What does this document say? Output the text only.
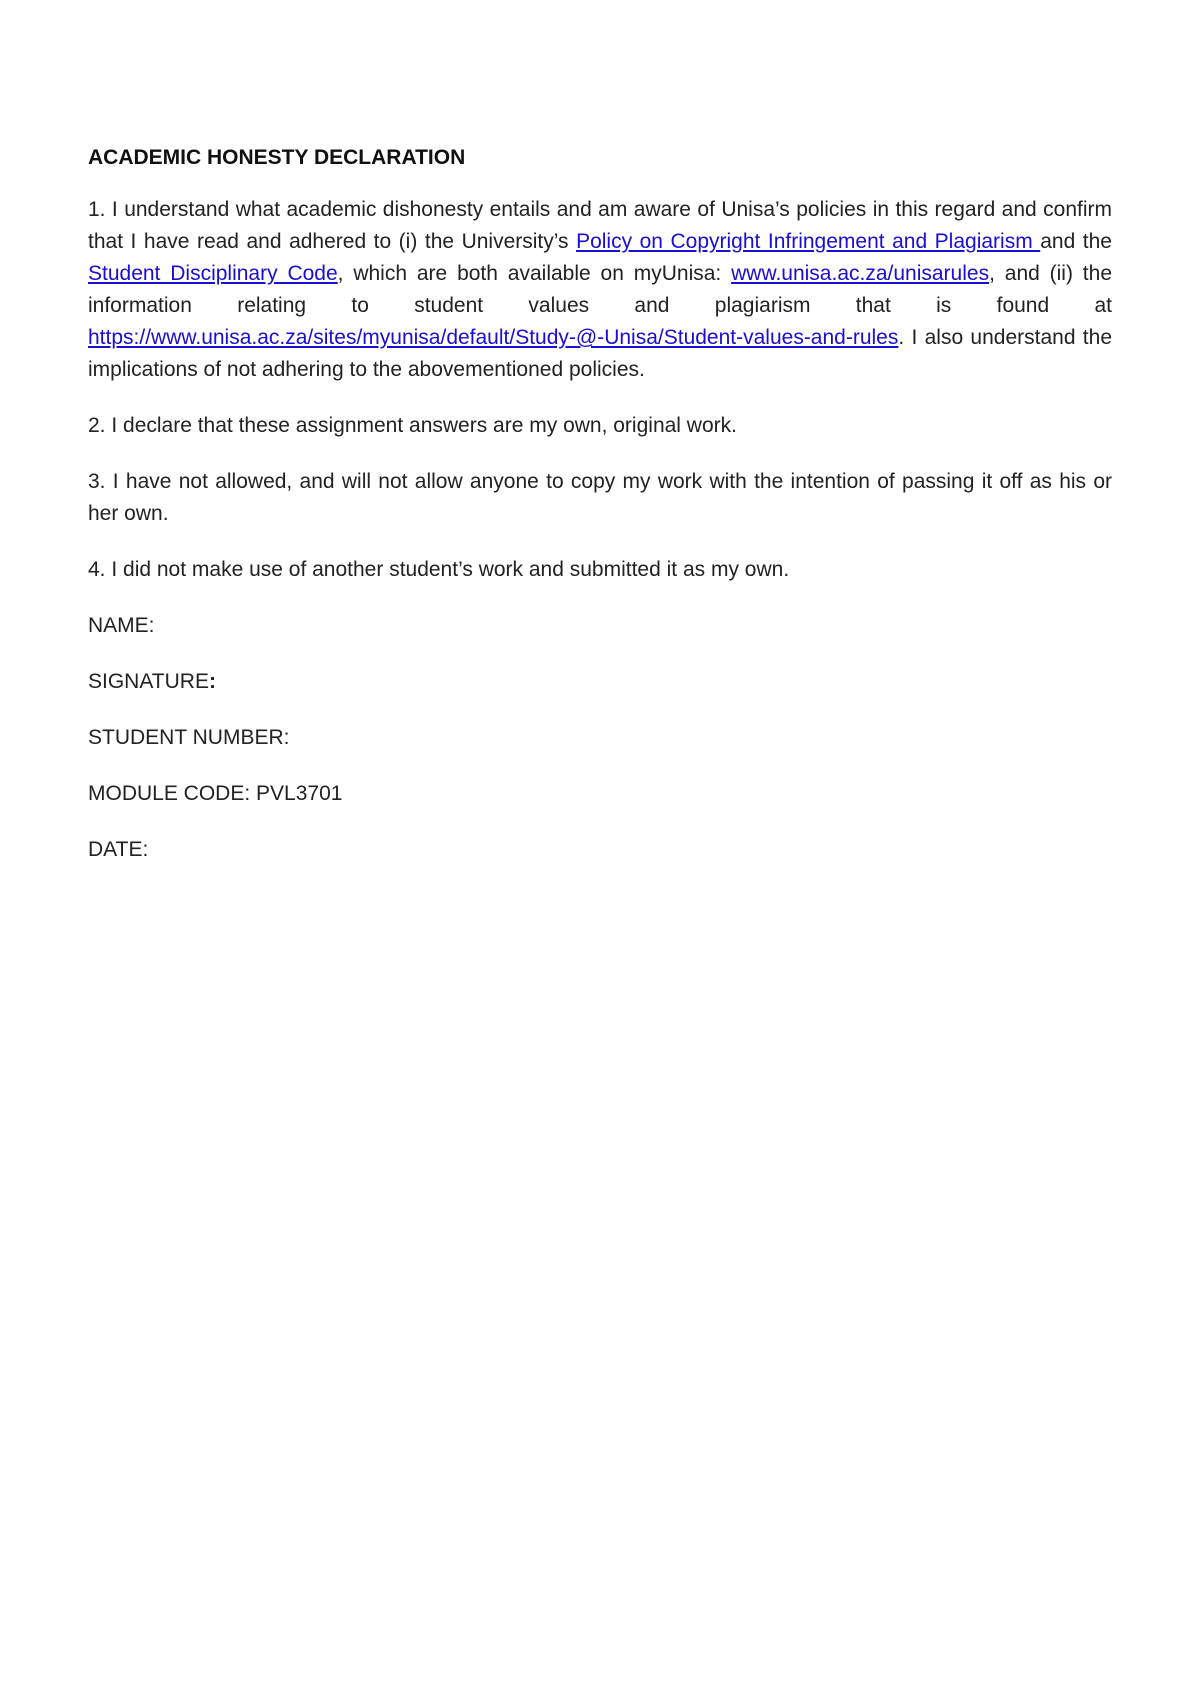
ACADEMIC HONESTY DECLARATION

1. I understand what academic dishonesty entails and am aware of Unisa’s policies in this regard and confirm that I have read and adhered to (i) the University’s Policy on Copyright Infringement and Plagiarism and the Student Disciplinary Code, which are both available on myUnisa: www.unisa.ac.za/unisarules, and (ii) the information relating to student values and plagiarism that is found at https://www.unisa.ac.za/sites/myunisa/default/Study-@-Unisa/Student-values-and-rules. I also understand the implications of not adhering to the abovementioned policies.

2. I declare that these assignment answers are my own, original work.

3. I have not allowed, and will not allow anyone to copy my work with the intention of passing it off as his or her own.

4. I did not make use of another student’s work and submitted it as my own.

NAME:
SIGNATURE:
STUDENT NUMBER:
MODULE CODE: PVL3701
DATE:
